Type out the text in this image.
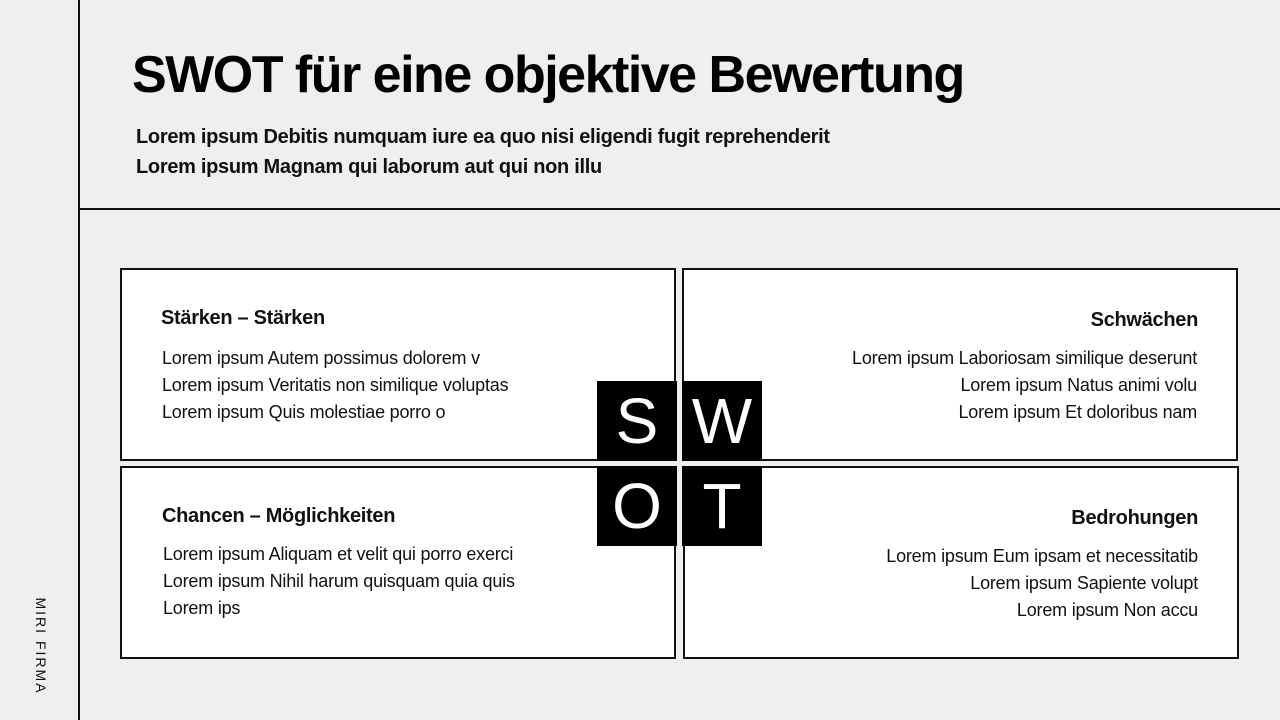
MIRI FIRMA
SWOT für eine objektive Bewertung
Lorem ipsum Debitis numquam iure ea quo nisi eligendi fugit reprehenderit
Lorem ipsum Magnam qui laborum aut qui non illu
Stärken – Stärken
Lorem ipsum Autem possimus dolorem v
Lorem ipsum Veritatis non similique voluptas
Lorem ipsum Quis molestiae porro o
Schwächen
Lorem ipsum Laboriosam similique deserunt
Lorem ipsum Natus animi volu
Lorem ipsum Et doloribus nam
Chancen – Möglichkeiten
Lorem ipsum Aliquam et velit qui porro exerci
Lorem ipsum Nihil harum quisquam quia quis
Lorem ips
Bedrohungen
Lorem ipsum Eum ipsam et necessitatib
Lorem ipsum Sapiente volupt
Lorem ipsum Non accu
S W
O T
